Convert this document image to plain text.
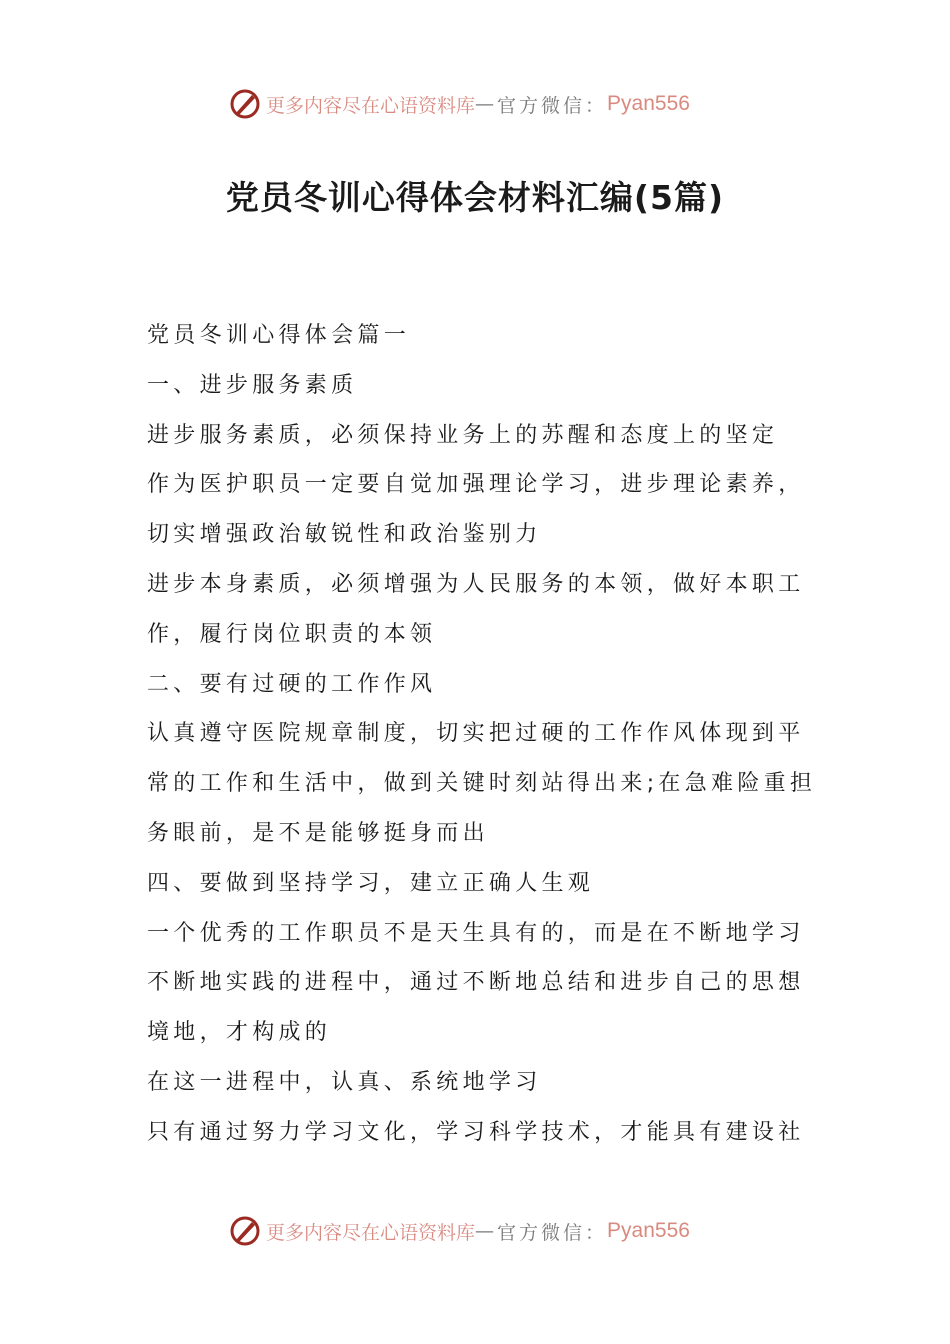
更多内容尽在心语资料库 — 官方微信： Pyan556
党员冬训心得体会材料汇编(5篇)
党员冬训心得体会篇一
一、进步服务素质
进步服务素质，必须保持业务上的苏醒和态度上的坚定
作为医护职员一定要自觉加强理论学习，进步理论素养，
切实增强政治敏锐性和政治鉴别力
进步本身素质，必须增强为人民服务的本领，做好本职工
作，履行岗位职责的本领
二、要有过硬的工作作风
认真遵守医院规章制度，切实把过硬的工作作风体现到平
常的工作和生活中，做到关键时刻站得出来;在急难险重担
务眼前，是不是能够挺身而出
四、要做到坚持学习，建立正确人生观
一个优秀的工作职员不是天生具有的，而是在不断地学习
不断地实践的进程中，通过不断地总结和进步自己的思想
境地，才构成的
在这一进程中，认真、系统地学习
只有通过努力学习文化，学习科学技术，才能具有建设社
更多内容尽在心语资料库 — 官方微信： Pyan556
